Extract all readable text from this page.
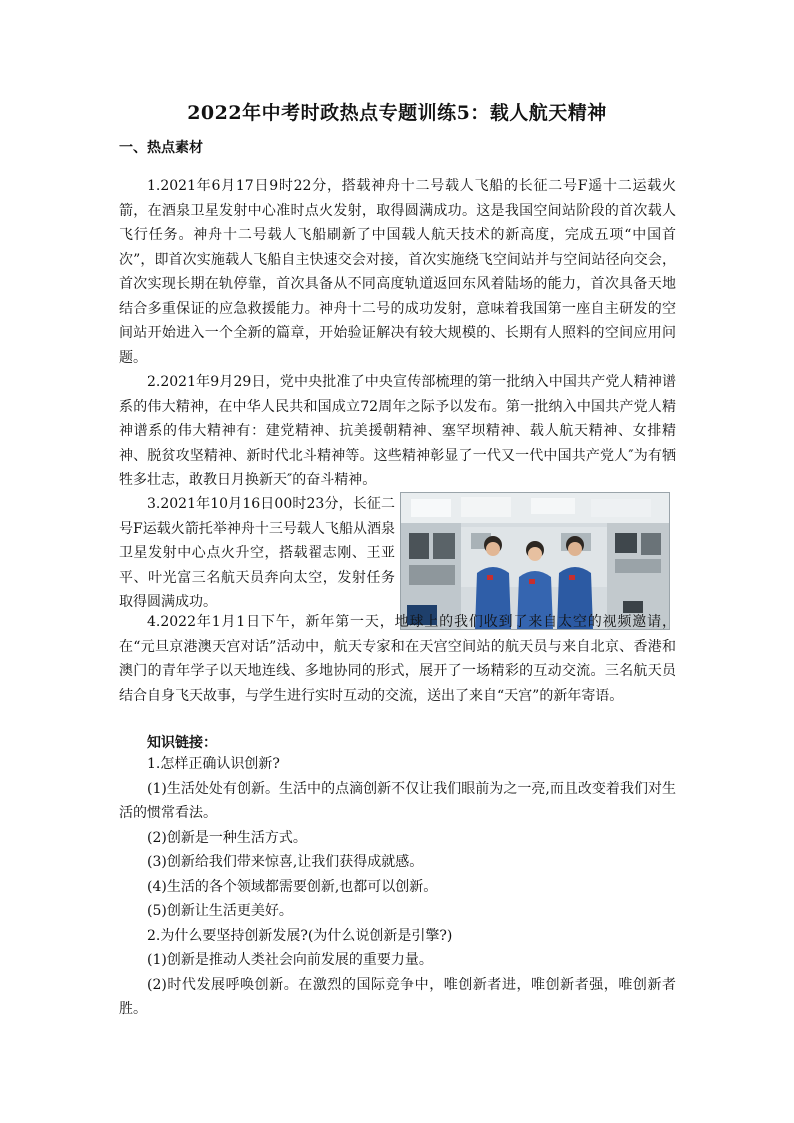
2022年中考时政热点专题训练5：载人航天精神
一、热点素材

1.2021年6月17日9时22分，搭载神舟十二号载人飞船的长征二号F遥十二运载火箭，在酒泉卫星发射中心准时点火发射，取得圆满成功。这是我国空间站阶段的首次载人飞行任务。神舟十二号载人飞船刷新了中国载人航天技术的新高度，完成五项“中国首次”，即首次实施载人飞船自主快速交会对接，首次实施绕飞空间站并与空间站径向交会，首次实现长期在轨停靠，首次具备从不同高度轨道返回东风着陆场的能力，首次具备天地结合多重保证的应急救援能力。神舟十二号的成功发射，意味着我国第一座自主研发的空间站开始进入一个全新的篇章，开始验证解决有较大规模的、长期有人照料的空间应用问题。

2.2021年9月29日，党中央批准了中央宣传部梳理的第一批纳入中国共产党人精神谱系的伟大精神，在中华人民共和国成立72周年之际予以发布。第一批纳入中国共产党人精神谱系的伟大精神有：建党精神、抗美援朝精神、塞罕坝精神、载人航天精神、女排精神、脱贫攻坚精神、新时代北斗精神等。这些精神彰显了一代又一代中国共产党人″为有牺牲多壮志，敢教日月换新天″的奋斗精神。

3.2021年10月16日00时23分，长征二号F运载火箭托举神舟十三号载人飞船从酒泉卫星发射中心点火升空，搭载翟志刚、王亚平、叶光富三名航天员奔向太空，发射任务取得圆满成功。

4.2022年1月1日下午，新年第一天，地球上的我们收到了来自太空的视频邀请，在“元旦京港澳天宫对话”活动中，航天专家和在天宫空间站的航天员与来自北京、香港和澳门的青年学子以天地连线、多地协同的形式，展开了一场精彩的互动交流。三名航天员结合自身飞天故事，与学生进行实时互动的交流，送出了来自“天宫”的新年寄语。

知识链接：
1.怎样正确认识创新?
(1)生活处处有创新。生活中的点滴创新不仅让我们眼前为之一亮,而且改变着我们对生活的惯常看法。
(2)创新是一种生活方式。
(3)创新给我们带来惊喜,让我们获得成就感。
(4)生活的各个领域都需要创新,也都可以创新。
(5)创新让生活更美好。
2.为什么要坚持创新发展?(为什么说创新是引擎?)
(1)创新是推动人类社会向前发展的重要力量。
(2)时代发展呼唤创新。在激烈的国际竞争中，唯创新者进，唯创新者强，唯创新者胜。
